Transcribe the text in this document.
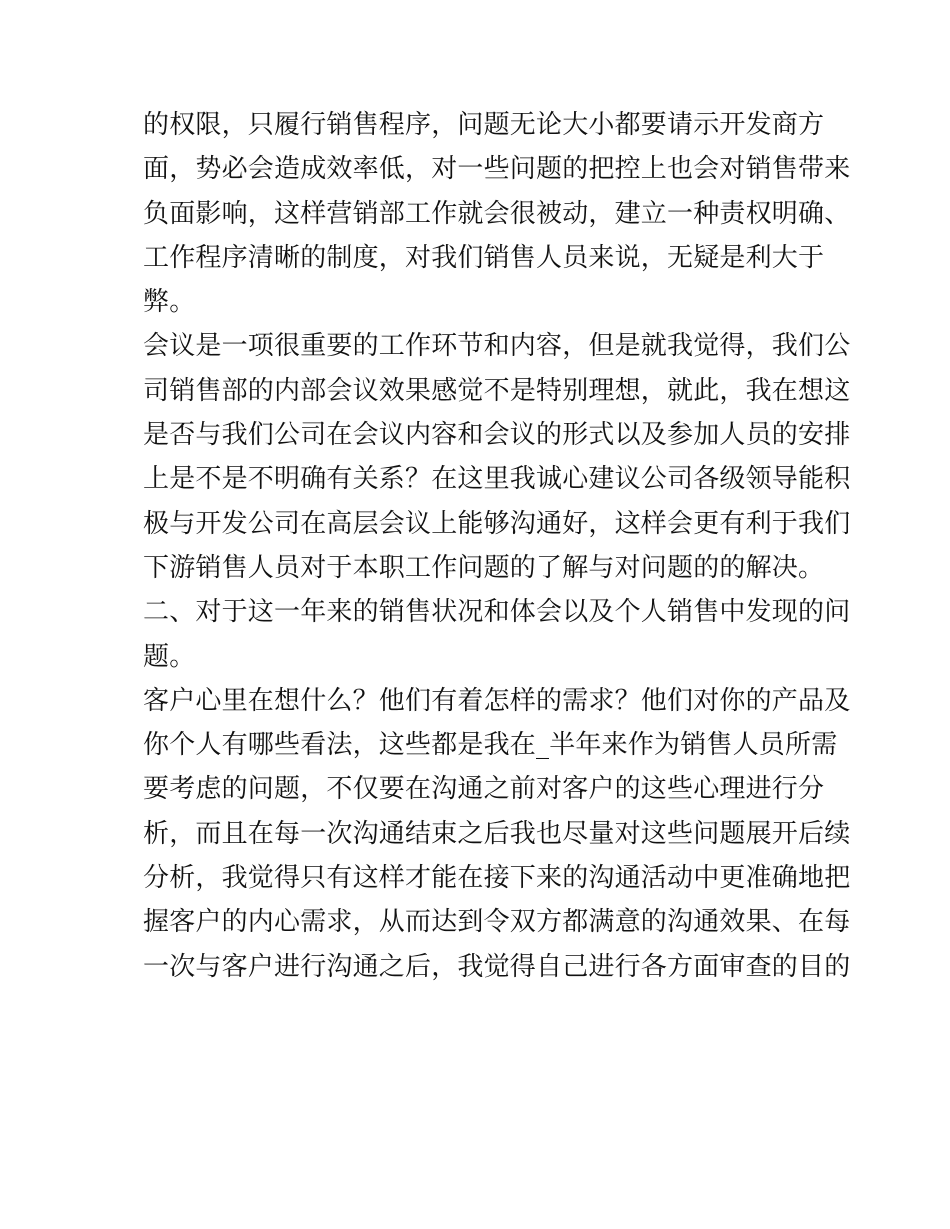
的权限，只履行销售程序，问题无论大小都要请示开发商方
面，势必会造成效率低，对一些问题的把控上也会对销售带来
负面影响，这样营销部工作就会很被动，建立一种责权明确、
工作程序清晰的制度，对我们销售人员来说，无疑是利大于
弊。
会议是一项很重要的工作环节和内容，但是就我觉得，我们公
司销售部的内部会议效果感觉不是特别理想，就此，我在想这
是否与我们公司在会议内容和会议的形式以及参加人员的安排
上是不是不明确有关系？在这里我诚心建议公司各级领导能积
极与开发公司在高层会议上能够沟通好，这样会更有利于我们
下游销售人员对于本职工作问题的了解与对问题的的解决。
二、对于这一年来的销售状况和体会以及个人销售中发现的问
题。
客户心里在想什么？他们有着怎样的需求？他们对你的产品及
你个人有哪些看法，这些都是我在_半年来作为销售人员所需
要考虑的问题，不仅要在沟通之前对客户的这些心理进行分
析，而且在每一次沟通结束之后我也尽量对这些问题展开后续
分析，我觉得只有这样才能在接下来的沟通活动中更准确地把
握客户的内心需求，从而达到令双方都满意的沟通效果、在每
一次与客户进行沟通之后，我觉得自己进行各方面审查的目的
